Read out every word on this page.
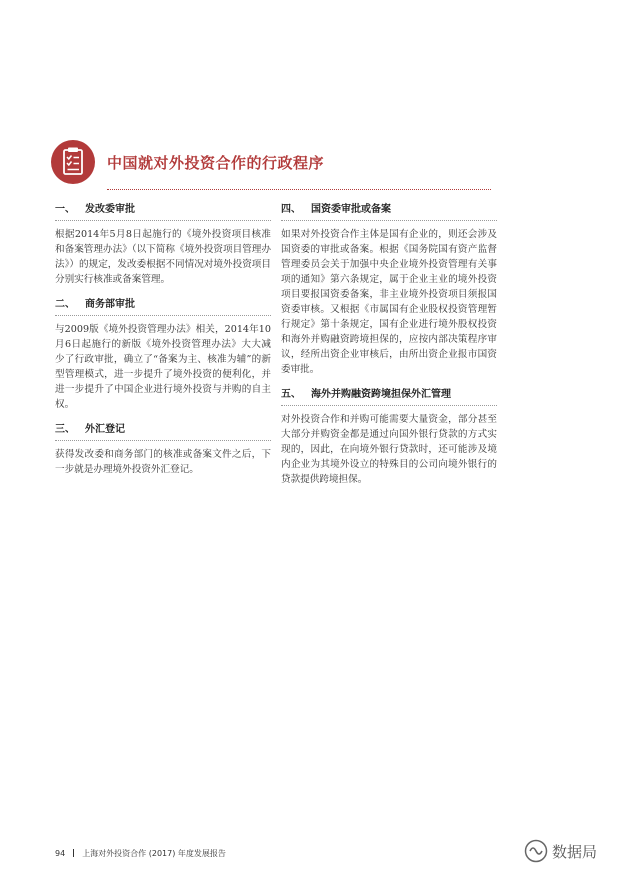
中国就对外投资合作的行政程序
一、 发改委审批

根据2014年5月8日起施行的《境外投资项目核准和备案管理办法》（以下简称《境外投资项目管理办法》）的规定，发改委根据不同情况对境外投资项目分别实行核准或备案管理。

二、 商务部审批

与2009版《境外投资管理办法》相关，2014年10月6日起施行的新版《境外投资管理办法》大大减少了行政审批，确立了“备案为主、核准为辅”的新型管理模式，进一步提升了境外投资的便利化，并进一步提升了中国企业进行境外投资与并购的自主权。

三、 外汇登记

获得发改委和商务部门的核准或备案文件之后，下一步就是办理境外投资外汇登记。

四、 国资委审批或备案

如果对外投资合作主体是国有企业的，则还会涉及国资委的审批或备案。根据《国务院国有资产监督管理委员会关于加强中央企业境外投资管理有关事项的通知》第六条规定，属于企业主业的境外投资项目要报国资委备案，非主业境外投资项目须报国资委审核。又根据《市属国有企业股权投资管理暂行规定》第十条规定，国有企业进行境外股权投资和海外并购融资跨境担保的，应按内部决策程序审议，经所出资企业审核后，由所出资企业报市国资委审批。

五、 海外并购融资跨境担保外汇管理

对外投资合作和并购可能需要大量资金，部分甚至大部分并购资金都是通过向国外银行贷款的方式实现的，因此，在向境外银行贷款时，还可能涉及境内企业为其境外设立的特殊目的公司向境外银行的贷款提供跨境担保。

94 上海对外投资合作 (2017) 年度发展报告	数据局
